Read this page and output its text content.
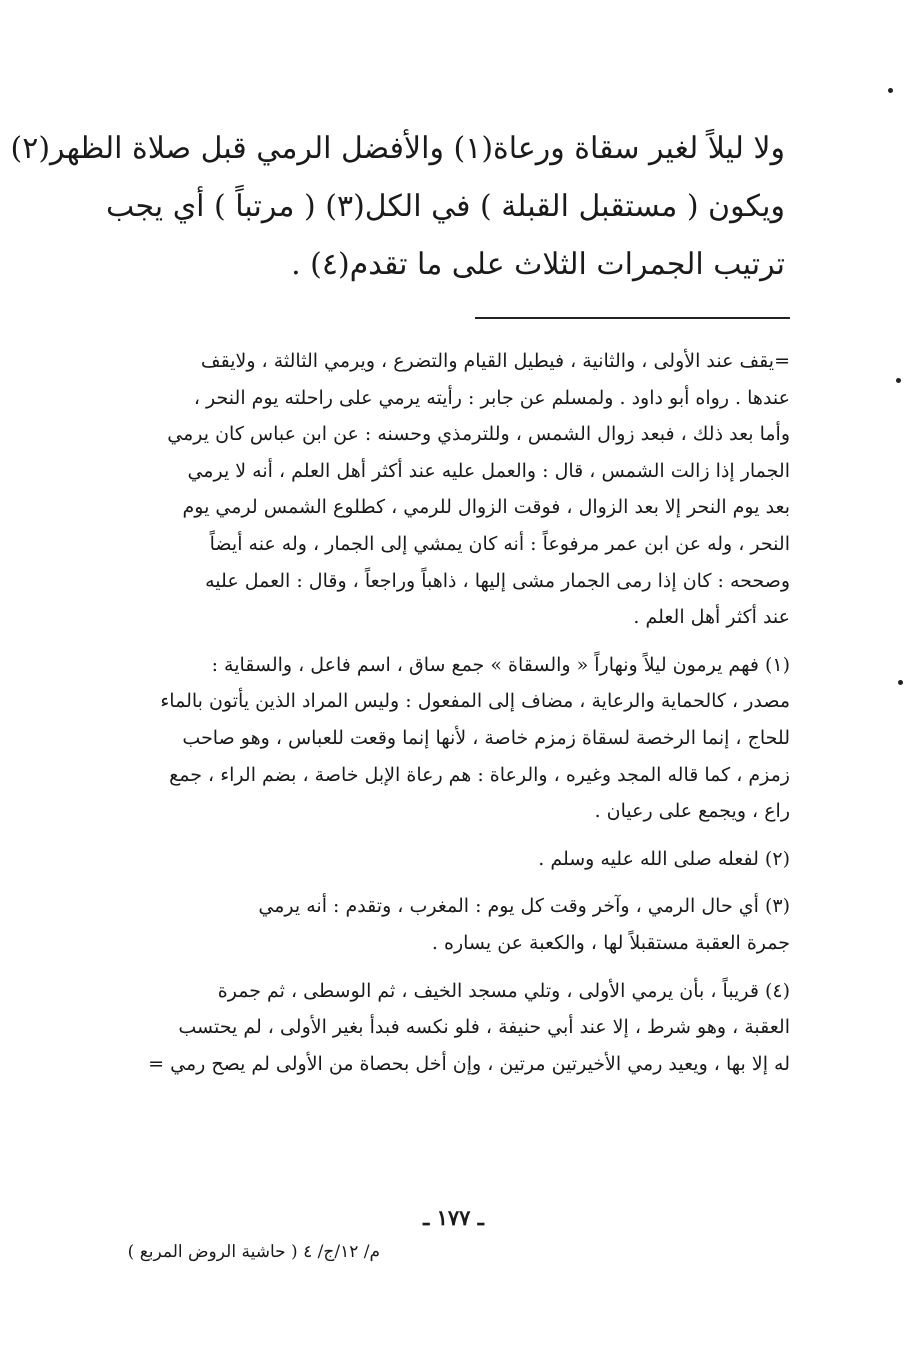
ولا ليلاً لغير سقاة ورعاة(١) والأفضل الرمي قبل صلاة الظهر(٢)
ويكون ( مستقبل القبلة ) في الكل(٣) ( مرتباً ) أي يجب
ترتيب الجمرات الثلاث على ما تقدم(٤) .
=يقف عند الأولى ، والثانية ، فيطيل القيام والتضرع ، ويرمي الثالثة ، ولايقف
عندها . رواه أبو داود . ولمسلم عن جابر : رأيته يرمي على راحلته يوم النحر ،
وأما بعد ذلك ، فبعد زوال الشمس ، وللترمذي وحسنه : عن ابن عباس كان يرمي
الجمار إذا زالت الشمس ، قال : والعمل عليه عند أكثر أهل العلم ، أنه لا يرمي
بعد يوم النحر إلا بعد الزوال ، فوقت الزوال للرمي ، كطلوع الشمس لرمي يوم
النحر ، وله عن ابن عمر مرفوعاً : أنه كان يمشي إلى الجمار ، وله عنه أيضاً
وصححه : كان إذا رمى الجمار مشى إليها ، ذاهباً وراجعاً ، وقال : العمل عليه
عند أكثر أهل العلم .
(١) فهم يرمون ليلاً ونهاراً « والسقاة » جمع ساق ، اسم فاعل ، والسقاية :
مصدر ، كالحماية والرعاية ، مضاف إلى المفعول : وليس المراد الذين يأتون بالماء
للحاج ، إنما الرخصة لسقاة زمزم خاصة ، لأنها إنما وقعت للعباس ، وهو صاحب
زمزم ، كما قاله المجد وغيره ، والرعاة : هم رعاة الإبل خاصة ، بضم الراء ، جمع
راع ، ويجمع على رعيان .
(٢) لفعله صلى الله عليه وسلم .
(٣) أي حال الرمي ، وآخر وقت كل يوم : المغرب ، وتقدم : أنه يرمي
جمرة العقبة مستقبلاً لها ، والكعبة عن يساره .
(٤) قريباً ، بأن يرمي الأولى ، وتلي مسجد الخيف ، ثم الوسطى ، ثم جمرة
العقبة ، وهو شرط ، إلا عند أبي حنيفة ، فلو نكسه فبدأ بغير الأولى ، لم يحتسب
له إلا بها ، ويعيد رمي الأخيرتين مرتين ، وإن أخل بحصاة من الأولى لم يصح رمي =
ـ ١٧٧ ـ
م/ ١٢/ج/ ٤ ( حاشية الروض المربع )
